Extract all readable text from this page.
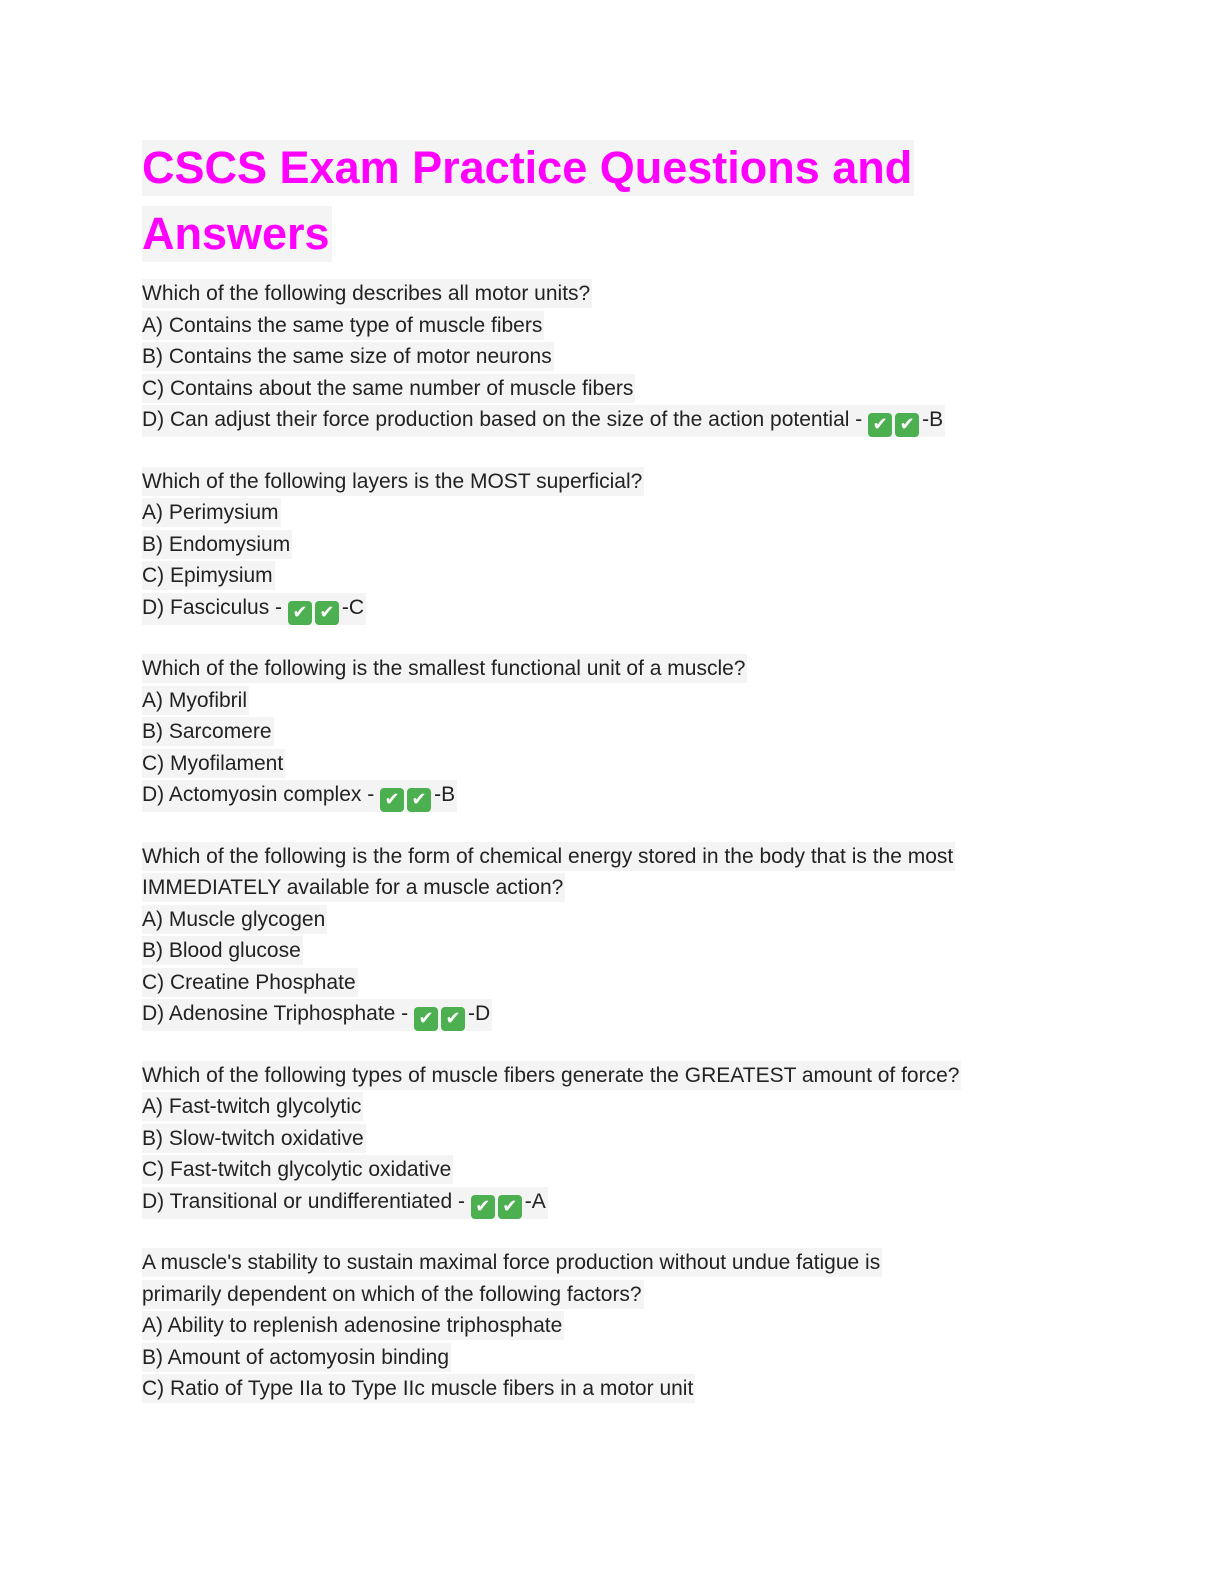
CSCS Exam Practice Questions and
Answers
Which of the following describes all motor units?
A) Contains the same type of muscle fibers
B) Contains the same size of motor neurons
C) Contains about the same number of muscle fibers
D) Can adjust their force production based on the size of the action potential - ✔ ✔ -B
Which of the following layers is the MOST superficial?
A) Perimysium
B) Endomysium
C) Epimysium
D) Fasciculus - ✔ ✔ -C
Which of the following is the smallest functional unit of a muscle?
A) Myofibril
B) Sarcomere
C) Myofilament
D) Actomyosin complex - ✔ ✔ -B
Which of the following is the form of chemical energy stored in the body that is the most
IMMEDIATELY available for a muscle action?
A) Muscle glycogen
B) Blood glucose
C) Creatine Phosphate
D) Adenosine Triphosphate - ✔ ✔ -D
Which of the following types of muscle fibers generate the GREATEST amount of force?
A) Fast-twitch glycolytic
B) Slow-twitch oxidative
C) Fast-twitch glycolytic oxidative
D) Transitional or undifferentiated - ✔ ✔ -A
A muscle's stability to sustain maximal force production without undue fatigue is
primarily dependent on which of the following factors?
A) Ability to replenish adenosine triphosphate
B) Amount of actomyosin binding
C) Ratio of Type IIa to Type IIc muscle fibers in a motor unit
